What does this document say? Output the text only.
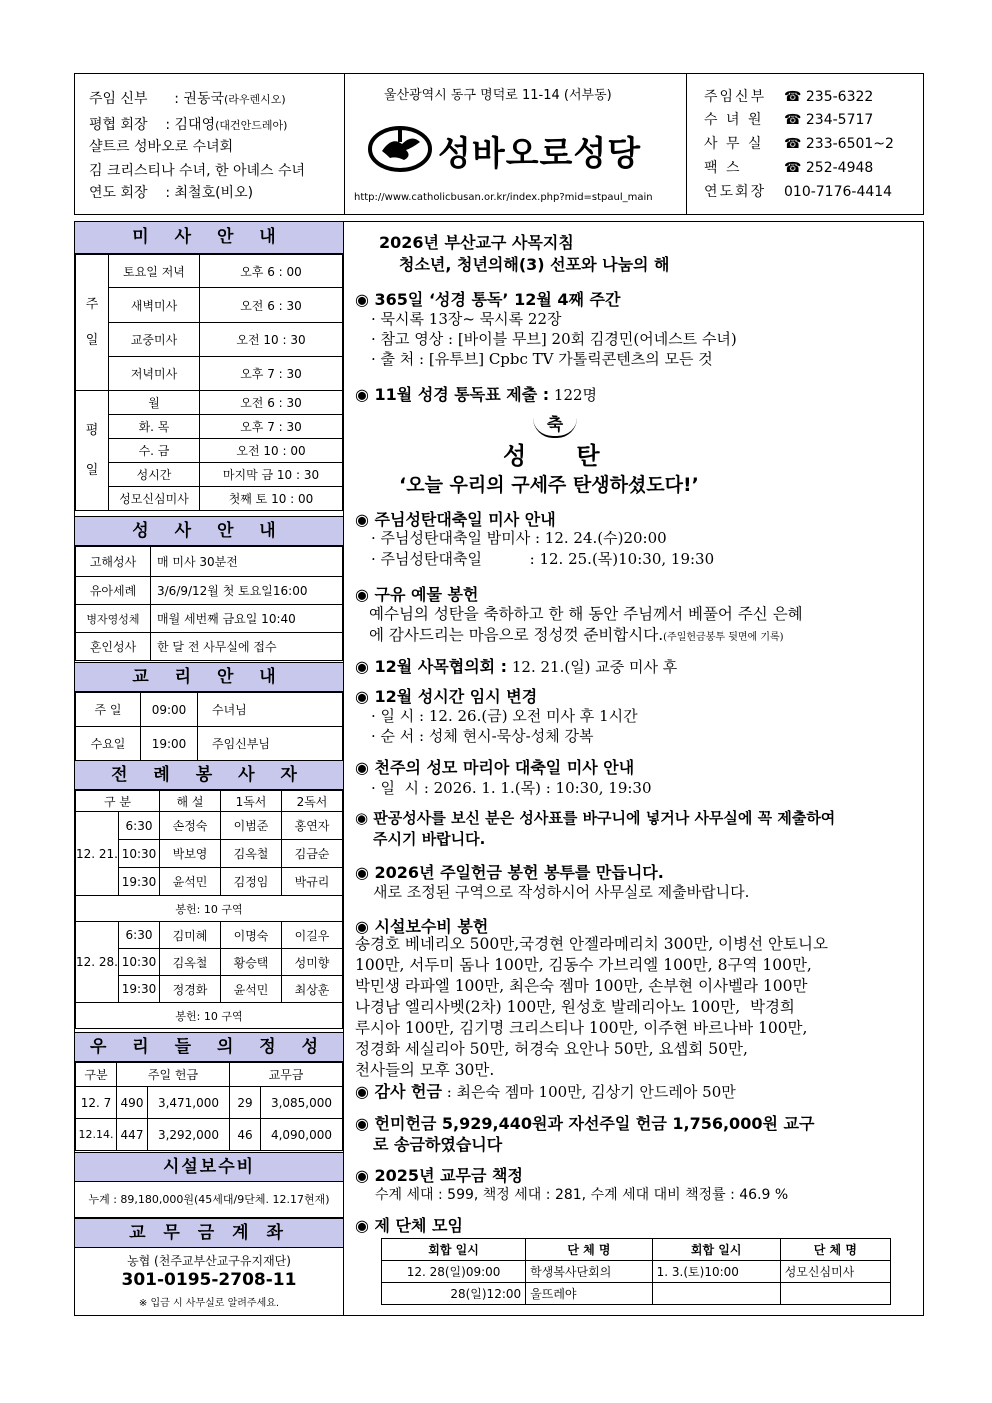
주임 신부      : 권동국(라우렌시오)
평협 회장    : 김대영(대건안드레아)
샬트르 성바오로 수녀회
김 크리스티나 수녀, 한 아녜스 수녀
연도 회장    : 최철호(비오)
울산광역시 동구 명덕로 11-14 (서부동)
성바오로성당
http://www.catholicbusan.or.kr/index.php?mid=stpaul_main
주임신부 ☎ 235-6322
수 녀 원 ☎ 234-5717
사 무 실 ☎ 233-6501~2
팩 스	☎ 252-4948
연도회장 010-7176-4414
미 사 안 내
주
일	토요일 저녁	오후 6 : 00
	새벽미사	오전 6 : 30
	교중미사	오전 10 : 30
	저녁미사	오후 7 : 30
평
일	월	오전 6 : 30
	화. 목	오후 7 : 30
	수. 금	오전 10 : 00
	성시간	마지막 금 10 : 30
	성모신심미사	첫째 토 10 : 00
성 사 안 내
고해성사	매 미사 30분전
유아세례	3/6/9/12월 첫 토요일16:00
병자영성체	매월 세번째 금요일 10:40
혼인성사	한 달 전 사무실에 접수
교 리 안 내
주 일	09:00	수녀님
수요일	19:00	주임신부님
전 례 봉 사 자
구 분		해 설	1독서	2독서
12. 21.	6:30	손정숙	이범준	홍연자
	10:30	박보영	김옥철	김금순
	19:30	윤석민	김정임	박규리
봉헌: 10 구역				
12. 28.	6:30	김미혜	이명숙	이길우
	10:30	김옥철	황승택	성미향
	19:30	정경화	윤석민	최상훈
봉헌: 10 구역				
우 리 들 의 정 성
구분	주일 헌금		교무금	
12. 7	490	3,471,000	29	3,085,000
12.14.	447	3,292,000	46	4,090,000
시설보수비
누계 : 89,180,000원(45세대/9단체. 12.17현재)
교 무 금 계 좌
농협 (천주교부산교구유지재단)
301-0195-2708-11
※ 입금 시 사무실로 알려주세요.
2026년 부산교구 사목지침
청소년, 청년의해(3) 선포와 나눔의 해
◉ 365일 ‘성경 통독’ 12월 4째 주간
· 묵시록 13장~ 묵시록 22장
· 참고 영상 : [바이블 무브] 20회 김경민(어네스트 수녀)
· 출 처 : [유투브] Cpbc TV 가톨릭콘텐츠의 모든 것
◉ 11월 성경 통독표 제출 : 122명
축
성      탄
‘오늘 우리의 구세주 탄생하셨도다!’
◉ 주님성탄대축일 미사 안내
· 주님성탄대축일 밤미사 : 12. 24.(수)20:00
· 주님성탄대축일          : 12. 25.(목)10:30, 19:30
◉ 구유 예물 봉헌
예수님의 성탄을 축하하고 한 해 동안 주님께서 베풀어 주신 은혜
에 감사드리는 마음으로 정성껏 준비합시다.(주일헌금봉투 뒷면에 기록)
◉ 12월 사목협의회 : 12. 21.(일) 교중 미사 후
◉ 12월 성시간 임시 변경
· 일 시 : 12. 26.(금) 오전 미사 후 1시간
· 순 서 : 성체 현시-묵상-성체 강복
◉ 천주의 성모 마리아 대축일 미사 안내
· 일  시 : 2026. 1. 1.(목) : 10:30, 19:30
◉ 판공성사를 보신 분은 성사표를 바구니에 넣거나 사무실에 꼭 제출하여
주시기 바랍니다.
◉ 2026년 주일헌금 봉헌 봉투를 만듭니다.
새로 조정된 구역으로 작성하시어 사무실로 제출바랍니다.
◉ 시설보수비 봉헌
송경호 베네리오 500만,국경현 안젤라메리치 300만, 이병선 안토니오
100만, 서두미 돔나 100만, 김동수 가브리엘 100만, 8구역 100만,
박민생 라파엘 100만, 최은숙 젬마 100만, 손부현 이사벨라 100만
나경남 엘리사벳(2차) 100만, 원성호 발레리아노 100만,  박경희
루시아 100만, 김기명 크리스티나 100만, 이주현 바르나바 100만,
정경화 세실리아 50만, 허경숙 요안나 50만, 요셉회 50만,
천사들의 모후 30만.
◉ 감사 헌금 : 최은숙 젬마 100만, 김상기 안드레아 50만
◉ 헌미헌금 5,929,440원과 자선주일 헌금 1,756,000원 교구
로 송금하였습니다
◉ 2025년 교무금 책정
수계 세대 : 599, 책정 세대 : 281, 수계 세대 대비 책정률 : 46.9 %
◉ 제 단체 모임
회합 일시	단 체 명	회합 일시	단 체 명
12. 28(일)09:00	학생복사단회의	1. 3.(토)10:00	성모신심미사
28(일)12:00	울뜨레야		
